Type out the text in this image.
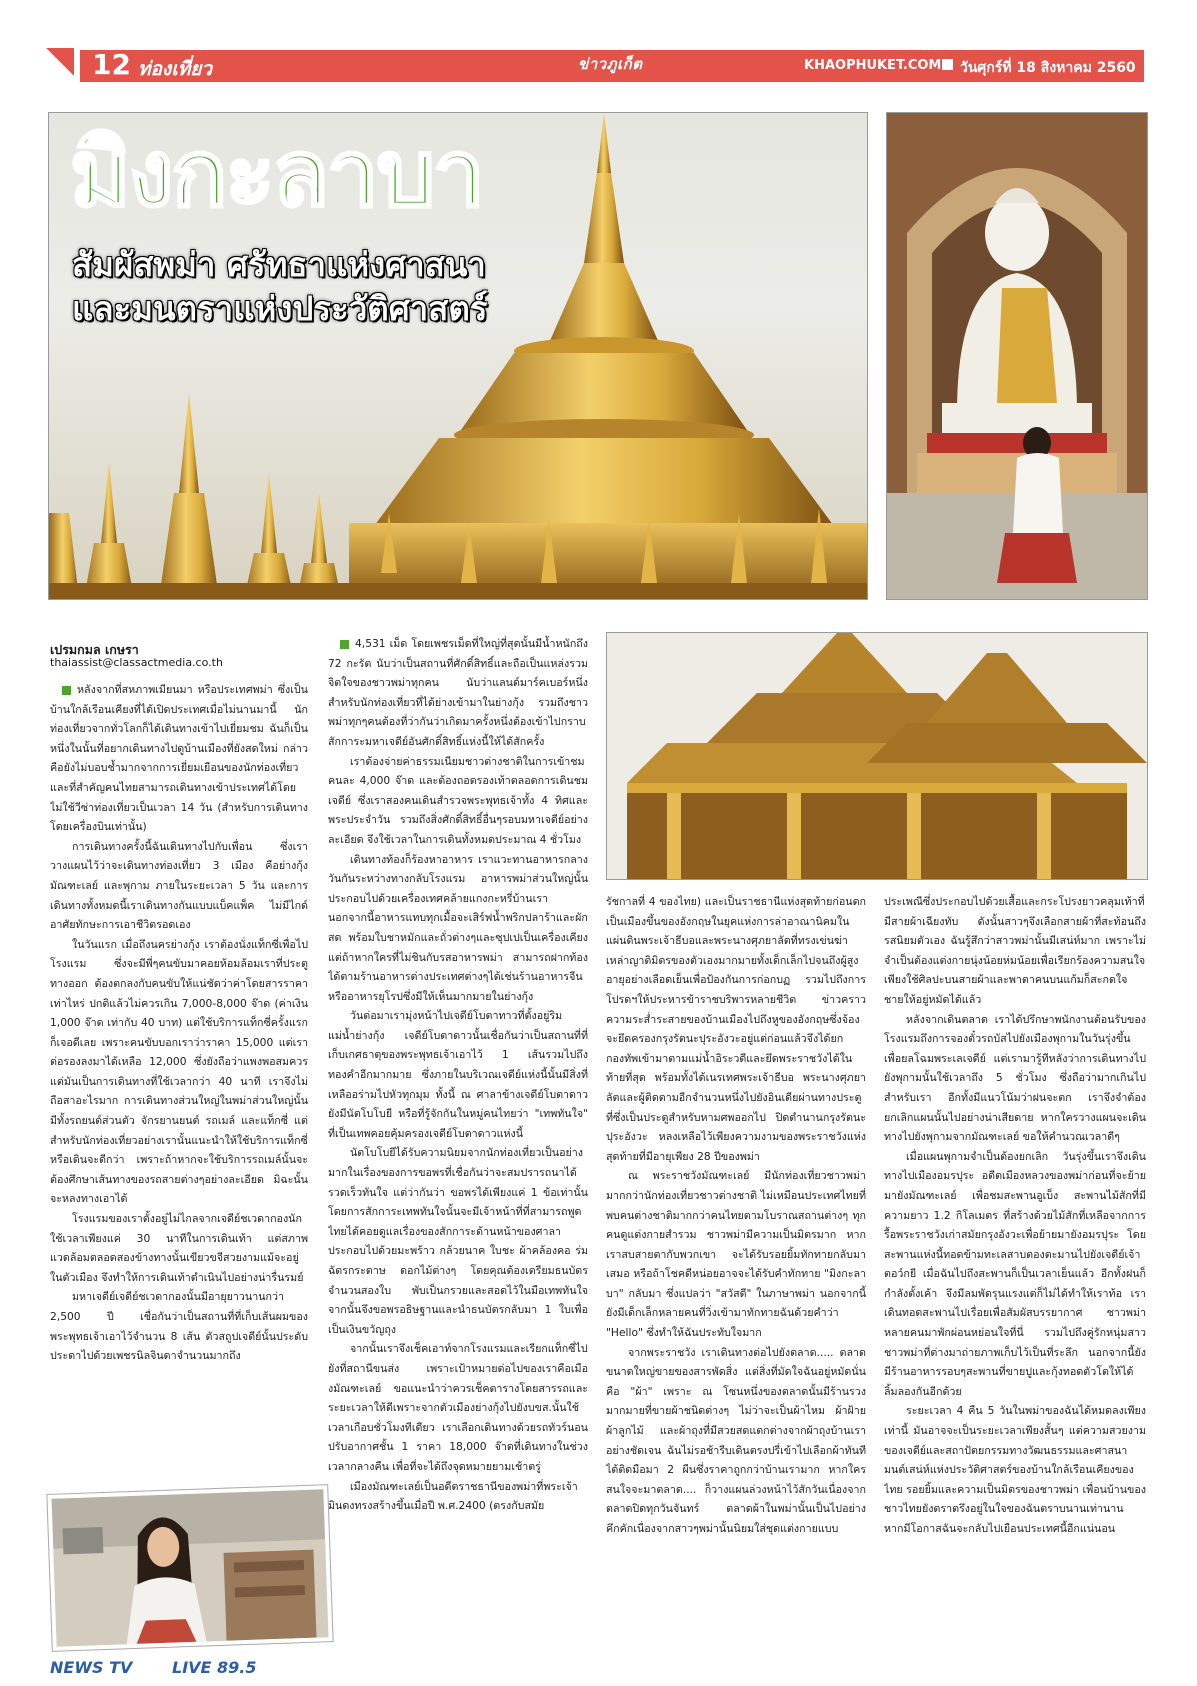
12 ท่องเที่ยว	ข่าวภูเก็ต	KHAOPHUKET.COM วันศุกร์ที่ 18 สิงหาคม 2560
มิงกะลาบา
สัมผัสพม่า ศรัทธาแห่งศาสนา
และมนตราแห่งประวัติศาสตร์
เปรมกมล เกษรา
thaiassist@classactmedia.co.th

หลังจากที่สหภาพเมียนมา หรือประเทศพม่า ซึ่งเป็นบ้านใกล้เรือนเคียงที่ได้เปิดประเทศเมื่อไม่นานมานี้ นักท่องเที่ยวจากทั่วโลกก็ได้เดินทางเข้าไปเยี่ยมชม ฉันก็เป็นหนึ่งในนั้นที่อยากเดินทางไปดูบ้านเมืองที่ยังสดใหม่ กล่าวคือยังไม่บอบช้ำมากจากการเยี่ยมเยือนของนักท่องเที่ยวและที่สำคัญคนไทยสามารถเดินทางเข้าประเทศได้โดยไม่ใช้วีซ่าท่องเที่ยวเป็นเวลา 14 วัน (สำหรับการเดินทางโดยเครื่องบินเท่านั้น)

การเดินทางครั้งนี้ฉันเดินทางไปกับเพื่อน ซึ่งเราวางแผนไว้ว่าจะเดินทางท่องเที่ยว 3 เมือง คือย่างกุ้ง มัณฑะเลย์ และพุกาม ภายในระยะเวลา 5 วัน และการเดินทางทั้งหมดนี้เราเดินทางกันแบบแบ็คแพ็ค ไม่มีไกด์ อาศัยทักษะการเอาชีวิตรอดเอง

ในวันแรก เมื่อถึงนครย่างกุ้ง เราต้องนั่งแท็กซี่เพื่อไปโรงแรม ซึ่งจะมีพี่ๆคนขับมาคอยห้อมล้อมเราที่ประตูทางออก ต้องตกลงกับคนขับให้แน่ชัดว่าค่าโดยสารราคาเท่าไหร่ ปกติแล้วไม่ควรเกิน 7,000-8,000 จ๊าด (ค่าเงิน 1,000 จ๊าด เท่ากับ 40 บาท) แต่ใช้บริการแท็กซี่ครั้งแรกก็เจอดีเลย เพราะคนขับบอกเราว่าราคา 15,000 แต่เราต่อรองลงมาได้เหลือ 12,000 ซึ่งยังถือว่าแพงพอสมควร แต่มันเป็นการเดินทางที่ใช้เวลากว่า 40 นาที เราจึงไม่ถือสาอะไรมาก การเดินทางส่วนใหญ่ในพม่าส่วนใหญ่นั้นมีทั้งรถยนต์ส่วนตัว จักรยานยนต์ รถเมล์ และแท็กซี่ แต่สำหรับนักท่องเที่ยวอย่างเรานั้นแนะนำให้ใช้บริการแท็กซี่หรือเดินจะดีกว่า เพราะถ้าหากจะใช้บริการรถเมล์นั้นจะต้องศึกษาเส้นทางของรถสายต่างๆอย่างละเอียด มิฉะนั้นจะหลงทางเอาได้

โรงแรมของเราตั้งอยู่ไม่ไกลจากเจดีย์ชเวดากองนัก ใช้เวลาเพียงแค่ 30 นาทีในการเดินเท้า แต่สภาพแวดล้อมตลอดสองข้างทางนั้นเขียวขจีสวยงามแม้จะอยู่ในตัวเมือง จึงทำให้การเดินเท้าดำเนินไปอย่างน่ารื่นรมย์

มหาเจดีย์เจดีย์ชเวดากองนั้นมีอายุยาวนานกว่า 2,500 ปี เชื่อกันว่าเป็นสถานที่ที่เก็บเส้นผมของพระพุทธเจ้าเอาไว้จำนวน 8 เส้น ตัวสถูปเจดีย์นั้นประดับประดาไปด้วยเพชรนิลจินดาจำนวนมากถึง

4,531 เม็ด โดยเพชรเม็ดที่ใหญ่ที่สุดนั้นมีน้ำหนักถึง 72 กะรัต นับว่าเป็นสถานที่ศักดิ์สิทธิ์และถือเป็นแหล่งรวมจิตใจของชาวพม่าทุกคน นับว่าแลนด์มาร์คเบอร์หนึ่งสำหรับนักท่องเที่ยวที่ได้ย่างเข้ามาในย่างกุ้ง รวมถึงชาวพม่าทุกๆคนต้องที่ว่ากันว่าเกิดมาครั้งหนึ่งต้องเข้าไปกราบสักการะมหาเจดีย์อันศักดิ์สิทธิ์แห่งนี้ให้ได้สักครั้ง

เราต้องจ่ายค่าธรรมเนียมชาวต่างชาติในการเข้าชมคนละ 4,000 จ๊าด และต้องถอดรองเท้าตลอดการเดินชมเจดีย์ ซึ่งเราสองคนเดินสำรวจพระพุทธเจ้าทั้ง 4 ทิศและพระประจำวัน รวมถึงสิ่งศักดิ์สิทธิ์อื่นๆรอบมหาเจดีย์อย่างละเอียด จึงใช้เวลาในการเดินทั้งหมดประมาณ 4 ชั่วโมง

เดินทางท้องก็ร้องหาอาหาร เราแวะทานอาหารกลางวันกันระหว่างทางกลับโรงแรม อาหารพม่าส่วนใหญ่นั้นประกอบไปด้วยเครื่องเทศคล้ายแกงกะหรี่บ้านเรา นอกจากนี้อาหารแทบทุกเมื้อจะเสิร์ฟน้ำพริกปลาร้าและผักสด พร้อมใบชาหมักและถั่วต่างๆและซุปเปเป็นเครื่องเคียง แต่ถ้าหากใครที่ไม่ชินกับรสอาหารพม่า สามารถฝากท้องได้ตามร้านอาหารต่างประเทศต่างๆได้เช่นร้านอาหารจีนหรืออาหารยุโรปซึ่งมีให้เห็นมากมายในย่างกุ้ง

วันต่อมาเรามุ่งหน้าไปเจดีย์โบตาทาวที่ตั้งอยู่ริมแม่น้ำย่างกุ้ง เจดีย์โบตาดาวนั้นเชื่อกันว่าเป็นสถานที่ที่เก็บเกศธาตุของพระพุทธเจ้าเอาไว้ 1 เส้นรวมไปถึงทองคำอีกมากมาย ซึ่งภายในบริเวณเจดีย์แห่งนี้นั้นมีสิ่งที่เหลืออร่ามไปหัวทุกมุม ทั้งนี้ ณ ศาลาข้างเจดีย์โบตาดาวยังมีนัตโบโบยี หรือที่รู้จักกันในหมู่คนไทยว่า "เทพทันใจ" ที่เป็นเทพคอยคุ้มครองเจดีย์โบตาดาวแห่งนี้

นัตโบโบยีได้รับความนิยมจากนักท่องเที่ยวเป็นอย่างมากในเรื่องของการขอพรที่เชื่อกันว่าจะสมปรารถนาได้รวดเร็วทันใจ แต่ว่ากันว่า ขอพรได้เพียงแค่ 1 ข้อเท่านั้น โดยการสักการะเทพทันใจนั้นจะมีเจ้าหน้าที่ที่สามารถพูดไทยได้คอยดูแลเรื่องของสักการะด้านหน้าของศาลา ประกอบไปด้วยมะพร้าว กล้วยนาค ใบชะ ผ้าคล้องคอ ร่มฉัตรกระดาษ ดอกไม้ต่างๆ โดยคุณต้องเตรียมธนบัตรจำนวนสองใบ พับเป็นกรวยและสอดไว้ในมือเทพทันใจ จากนั้นจึงขอพรอธิษฐานและนำธนบัตรกลับมา 1 ใบเพื่อเป็นเงินขวัญถุง

จากนั้นเราจึงเช็คเอาท์จากโรงแรมและเรียกแท็กซี่ไปยังที่สถานีขนส่ง เพราะเป้าหมายต่อไปของเราคือเมืองมัณฑะเลย์ ขอแนะนำว่าควรเช็คตารางโดยสารรถและระยะเวลาให้ดีเพราะจากตัวเมืองย่างกุ้งไปยังบขส.นั้นใช้เวลาเกือบชั่วโมงทีเดียว เราเลือกเดินทางด้วยรถทัวร์นอนปรับอากาศชั้น 1 ราคา 18,000 จ๊าดที่เดินทางในช่วงเวลากลางคืน เพื่อที่จะได้ถึงจุดหมายยามเช้าตรู่

เมืองมัณฑะเลย์เป็นอดีตราชธานีของพม่าที่พระเจ้ามินดงทรงสร้างขึ้นเมื่อปี พ.ศ.2400 (ตรงกับสมัย

รัชกาลที่ 4 ของไทย) และเป็นราชธานีแห่งสุดท้ายก่อนตกเป็นเมืองขึ้นของอังกฤษในยุคแห่งการล่าอาณานิคมในแผ่นดินพระเจ้าธีบอและพระนางศุภยาลัตที่ทรงเข่นฆ่าเหล่าญาติมิตรของตัวเองมากมายทั้งเด็กเล็กไปจนถึงผู้สูงอายุอย่างเลือดเย็นเพื่อป้องกันการก่อกบฏ รวมไปถึงการโปรดฯให้ประหารข้าราชบริพารหลายชีวิต ข่าวคราวความระส่ำระสายของบ้านเมืองไปถึงหูของอังกฤษซึ่งจ้องจะยึดครองกรุงรัตนะปุระอังวะอยู่แต่ก่อนแล้วจึงได้ยกกองทัพเข้ามาตามแม่น้ำอิระวดีและยึดพระราชวังได้ในท้ายที่สุด พร้อมทั้งได้เนรเทศพระเจ้าธีบอ พระนางศุภยาลัตและผู้ติดตามอีกจำนวนหนึ่งไปยังอินเดียผ่านทางประตูที่ซึ่งเป็นประตูสำหรับหามศพออกไป ปิดตำนานกรุงรัตนะปุระอังวะ หลงเหลือไว้เพียงความงามของพระราชวังแห่งสุดท้ายที่มีอายุเพียง 28 ปีของพม่า

ณ พระราชวังมัณฑะเลย์ มีนักท่องเที่ยวชาวพม่ามากกว่านักท่องเที่ยวชาวต่างชาติ ไม่เหมือนประเทศไทยที่พบคนต่างชาติมากกว่าคนไทยตามโบราณสถานต่างๆ ทุกคนดูแต่งกายสำรวม ชาวพม่ามีความเป็นมิตรมาก หากเราสบสายตากับพวกเขา จะได้รับรอยยิ้มทักทายกลับมาเสมอ หรือถ้าโชคดีหน่อยอาจจะได้รับคำทักทาย "มิงกะลาบา" กลับมา ซึ่งแปลว่า "สวัสดี" ในภาษาพม่า นอกจากนี้ยังมีเด็กเล็กหลายคนที่วิ่งเข้ามาทักทายฉันด้วยคำว่า "Hello" ซึ่งทำให้ฉันประทับใจมาก

จากพระราชวัง เราเดินทางต่อไปยังตลาด..... ตลาดขนาดใหญ่ขายของสารพัดสิ่ง แต่สิ่งที่มัดใจฉันอยู่หมัดนั่นคือ "ผ้า" เพราะ ณ โซนหนึ่งของตลาดนั้นมีร้านรวงมากมายที่ขายผ้าชนิดต่างๆ ไม่ว่าจะเป็นผ้าไหม ผ้าฝ้าย ผ้าลูกไม้ และผ้าถุงที่มีสวยสดแตกต่างจากผ้าถุงบ้านเราอย่างชัดเจน ฉันไม่รอช้ารีบเดินตรงปรี่เข้าไปเลือกผ้าทันทีได้ติดมือมา 2 ผืนซึ่งราคาถูกกว่าบ้านเรามาก หากใครสนใจจะมาตลาด.... ก็วางแผนล่วงหน้าไว้สักวันเนื่องจากตลาดปิดทุกวันจันทร์ ตลาดผ้าในพม่านั้นเป็นไปอย่างคึกคักเนื่องจากสาวๆพม่านั้นนิยมใส่ชุดแต่งกายแบบ

ประเพณีซึ่งประกอบไปด้วยเสื้อและกระโปรงยาวคลุมเท้าที่มีสายผ้าเฉียงทับ ดังนั้นสาวๆจึงเลือกสายผ้าที่สะท้อนถึงรสนิยมตัวเอง ฉันรู้สึกว่าสาวพม่านั้นมีเสน่ห์มาก เพราะไม่จำเป็นต้องแต่งกายนุ่งน้อยห่มน้อยเพื่อเรียกร้องความสนใจ เพียงใช้ศิลปะบนสายผ้าและพาตาคนบนแก้มก็สะกดใจชายให้อยู่หมัดได้แล้ว

หลังจากเดินตลาด เราได้ปรึกษาพนักงานต้อนรับของโรงแรมถึงการจองตั๋วรถบัสไปยังเมืองพุกามในวันรุ่งขึ้นเพื่อยลโฉมพระเลเจดีย์ แต่เรามารู้ทีหลังว่าการเดินทางไปยังพุกามนั้นใช้เวลาถึง 5 ชั่วโมง ซึ่งถือว่ามากเกินไปสำหรับเรา อีกทั้งมีแนวโน้มว่าฝนจะตก เราจึงจำต้องยกเลิกแผนนั้นไปอย่างน่าเสียดาย หากใครวางแผนจะเดินทางไปยังพุกามจากมัณฑะเลย์ ขอให้คำนวณเวลาดีๆ

เมื่อแผนพุกามจำเป็นต้องยกเลิก วันรุ่งขึ้นเราจึงเดินทางไปเมืองอมรปุระ อดีตเมืองหลวงของพม่าก่อนที่จะย้ายมายังมัณฑะเลย์ เพื่อชมสะพานอูเบ็ง สะพานไม้สักที่มีความยาว 1.2 กิโลเมตร ที่สร้างด้วยไม้สักที่เหลือจากการรื้อพระราชวังเก่าสมัยกรุงอังวะเพื่อย้ายมายังอมรปุระ โดยสะพานแห่งนี้ทอดข้ามทะเลสาบตองตะมานไปยังเจดีย์เจ้าตอว์กยี เมื่อฉันไปถึงสะพานก็เป็นเวลาเย็นแล้ว อีกทั้งฝนก็กำลังตั้งเค้า จึงมีลมพัดรุนแรงแต่ก็ไม่ได้ทำให้เราท้อ เราเดินทอดสะพานไปเรื่อยเพื่อสัมผัสบรรยากาศ ชาวพม่าหลายคนมาพักผ่อนหย่อนใจที่นี่ รวมไปถึงคู่รักหนุ่มสาวชาวพม่าที่ต่างมาถ่ายภาพเก็บไว้เป็นที่ระลึก นอกจากนี้ยังมีร้านอาหารรอบๆสะพานที่ขายปูและกุ้งทอดตัวโตให้ได้ลิ้มลองกันอีกด้วย

ระยะเวลา 4 คืน 5 วันในพม่าของฉันได้หมดลงเพียงเท่านี้ มันอาจจะเป็นระยะเวลาเพียงสั้นๆ แต่ความสวยงามของเจดีย์และสถาปัตยกรรมทางวัฒนธรรมและศาสนา มนต์เสน่ห์แห่งประวัติศาสตร์ของบ้านใกล้เรือนเคียงของไทย รอยยิ้มและความเป็นมิตรของชาวพม่า เพื่อนบ้านของชาวไทยยังตราตรึงอยู่ในใจของฉันตราบนานเท่านาน หากมีโอกาสฉันจะกลับไปเยือนประเทศนี้อีกแน่นอน

NEWS TV LIVE 89.5
